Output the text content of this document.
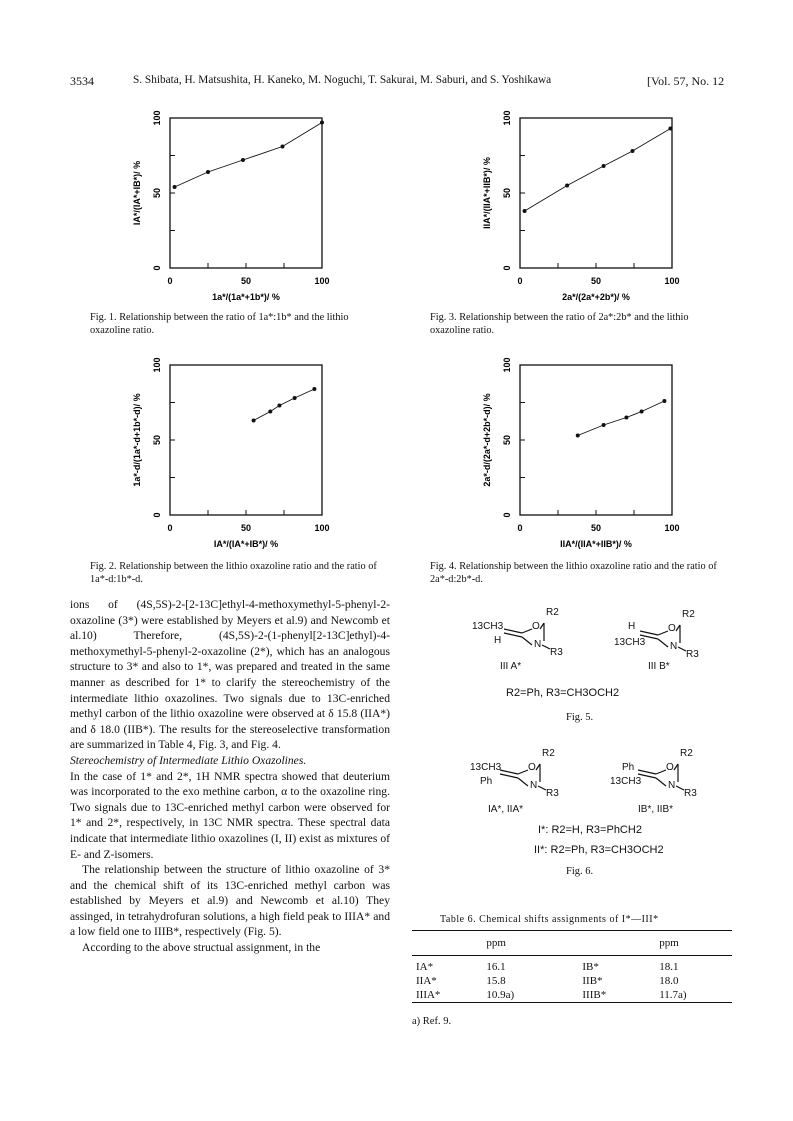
3534	S. Shibata, H. Matsushita, H. Kaneko, M. Noguchi, T. Sakurai, M. Saburi, and S. Yoshikawa	[Vol. 57, No. 12
0	50	100
0
50
100
1a*/(1a*+1b*)/ %
IA*/(IA*+IB*)/ %
0	50	100
0
50
100
2a*/(2a*+2b*)/ %
IIA*/(IIA*+IIB*)/ %
0	50	100
0
50
100
IA*/(IA*+IB*)/ %
1a*-d/(1a*-d+1b*-d)/ %
0	50	100
0
50
100
IIA*/(IIA*+IIB*)/ %
2a*-d/(2a*-d+2b*-d)/ %
Fig. 1. Relationship between the ratio of 1a*:1b* and the lithio oxazoline ratio.
Fig. 3. Relationship between the ratio of 2a*:2b* and the lithio oxazoline ratio.
Fig. 2. Relationship between the lithio oxazoline ratio and the ratio of 1a*-d:1b*-d.
Fig. 4. Relationship between the lithio oxazoline ratio and the ratio of 2a*-d:2b*-d.

ions of (4S,5S)-2-[2-13C]ethyl-4-methoxymethyl-5-phenyl-2-oxazoline (3*) were established by Meyers et al.9) and Newcomb et al.10) Therefore, (4S,5S)-2-(1-phenyl[2-13C]ethyl)-4-methoxymethyl-5-phenyl-2-oxazoline (2*), which has an analogous structure to 3* and also to 1*, was prepared and treated in the same manner as described for 1* to clarify the stereochemistry of the intermediate lithio oxazolines. Two signals due to 13C-enriched methyl carbon of the lithio oxazoline were observed at δ 15.8 (IIA*) and δ 18.0 (IIB*). The results for the stereoselective transformation are summarized in Table 4, Fig. 3, and Fig. 4.

Stereochemistry of Intermediate Lithio Oxazolines.

In the case of 1* and 2*, 1H NMR spectra showed that deuterium was incorporated to the exo methine carbon, α to the oxazoline ring. Two signals due to 13C-enriched methyl carbon were observed for 1* and 2*, respectively, in 13C NMR spectra. These spectral data indicate that intermediate lithio oxazolines (I, II) exist as mixtures of E- and Z-isomers.

The relationship between the structure of lithio oxazoline of 3* and the chemical shift of its 13C-enriched methyl carbon was established by Meyers et al.9) and Newcomb et al.10) They assinged, in tetrahydrofuran solutions, a high field peak to IIIA* and a low field one to IIIB*, respectively (Fig. 5).

According to the above structual assignment, in the

13CH3
H
O
N
R2
R3
H
13CH3
O
N
R2
R3
III A*	III B*
R2=Ph, R3=CH3OCH2
Fig. 5.
13CH3
Ph
O
N
R2
R3
Ph
13CH3
O
N
R2
R3
IA*, IIA*	IB*, IIB*
I*: R2=H, R3=PhCH2
II*: R2=Ph, R3=CH3OCH2
Fig. 6.
Table 6. Chemical shifts assignments of I*—III*
	ppm		ppm
IA*	16.1	IB*	18.1
IIA*	15.8	IIB*	18.0
IIIA*	10.9a)	IIIB*	11.7a)
a) Ref. 9.
